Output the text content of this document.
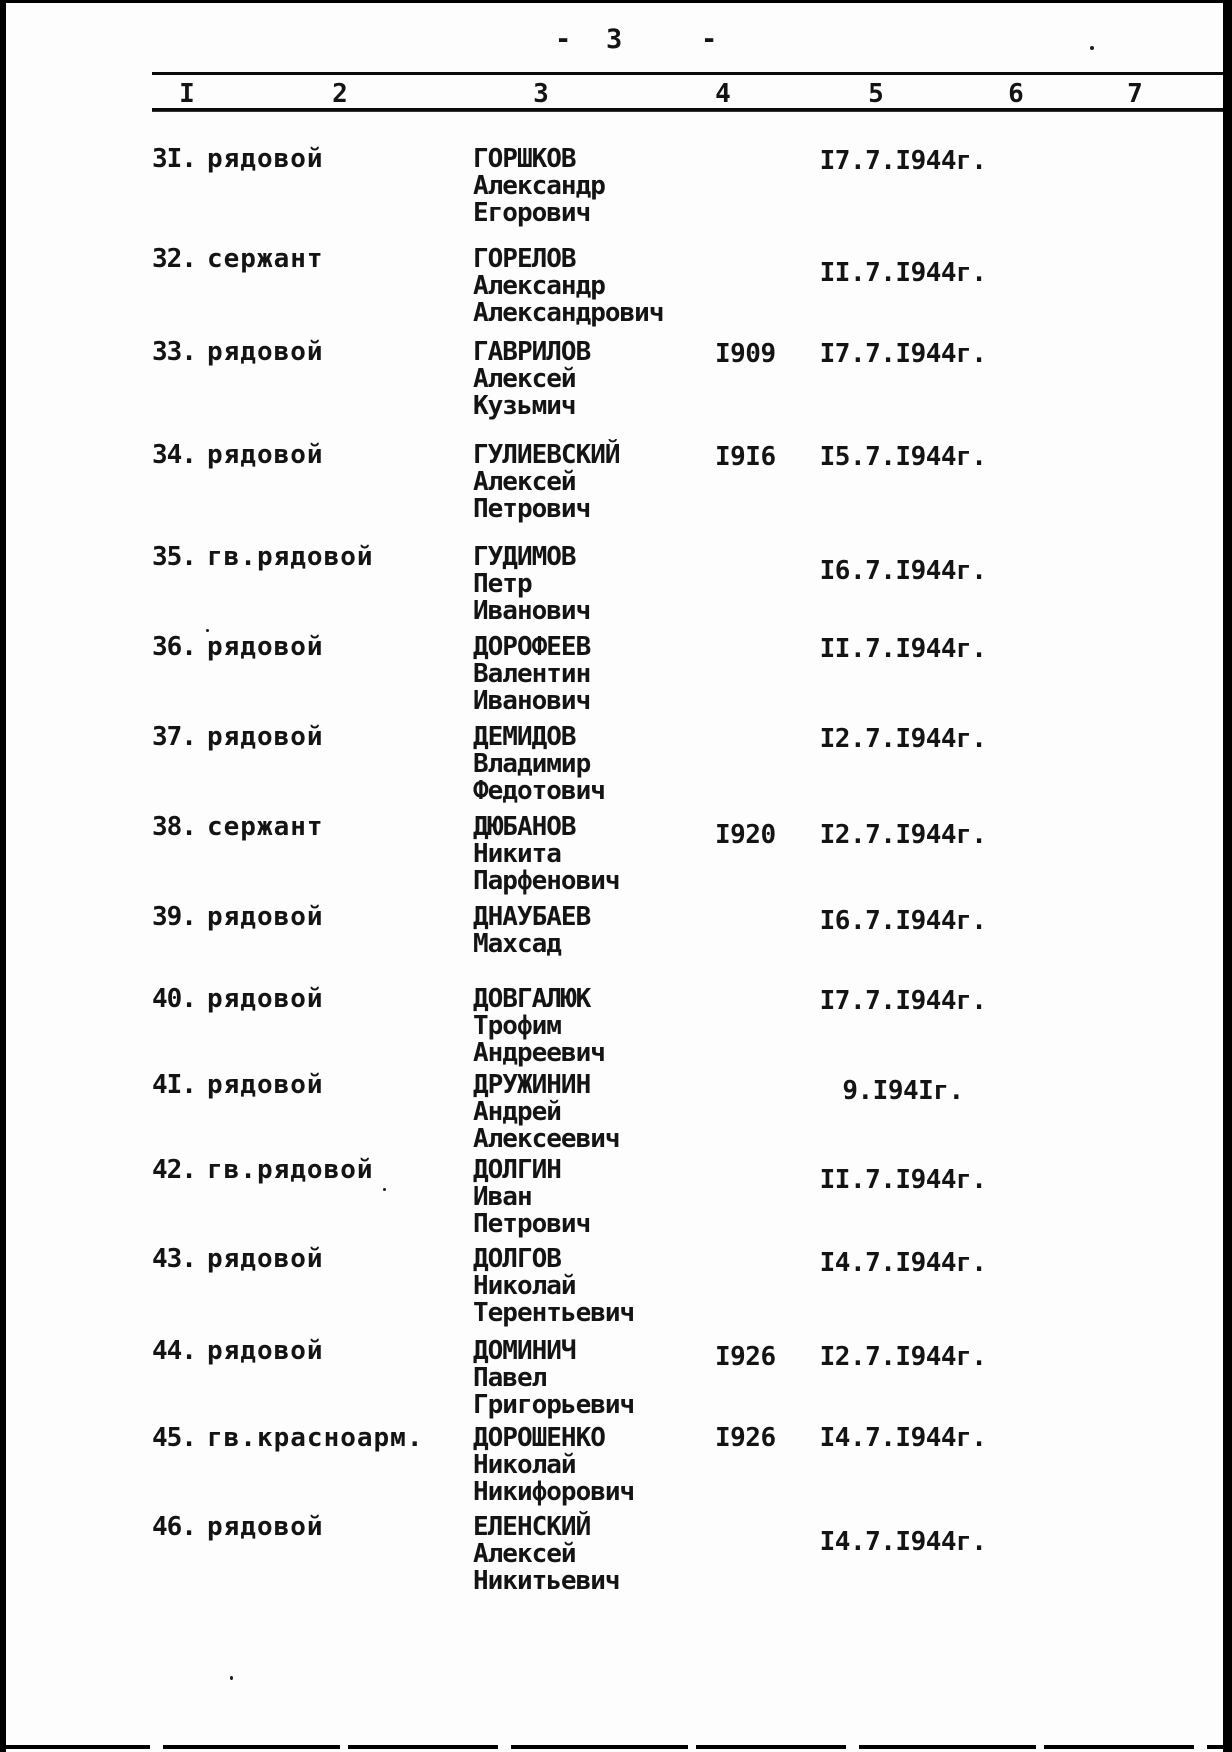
- 3	-
I	2	3	4	5	6	7
3I. рядовой	ГОРШКОВ
Александр
Егорович
I7.7.I944г.
32. сержант	ГОРЕЛОВ
Александр
Александрович
II.7.I944г.
33. рядовой	ГАВРИЛОВ
Алексей
Кузьмич
I909	I7.7.I944г.
34. рядовой	ГУЛИЕВСКИЙ
Алексей
Петрович
I9I6	I5.7.I944г.
35. гв.рядовой	ГУДИМОВ
Петр
Иванович
I6.7.I944г.
36. рядовой	ДОРОФЕЕВ
Валентин
Иванович
II.7.I944г.
37. рядовой	ДЕМИДОВ
Владимир
Федотович
I2.7.I944г.
38. сержант	ДЮБАНОВ
Никита
Парфенович
I920	I2.7.I944г.
39. рядовой	ДНАУБАЕВ
Махсад
I6.7.I944г.
40. рядовой	ДОВГАЛЮК
Трофим
Андреевич
I7.7.I944г.
4I. рядовой	ДРУЖИНИН
Андрей
Алексеевич
9.I94Iг.
42. гв.рядовой	ДОЛГИН
Иван
Петрович
II.7.I944г.
43. рядовой	ДОЛГОВ
Николай
Терентьевич
I4.7.I944г.
44. рядовой	ДОМИНИЧ
Павел
Григорьевич
I926	I2.7.I944г.
45. гв.красноарм. ДОРОШЕНКО
Николай
Никифорович
I926	I4.7.I944г.
46. рядовой	ЕЛЕНСКИЙ
Алексей
Никитьевич
I4.7.I944г.
